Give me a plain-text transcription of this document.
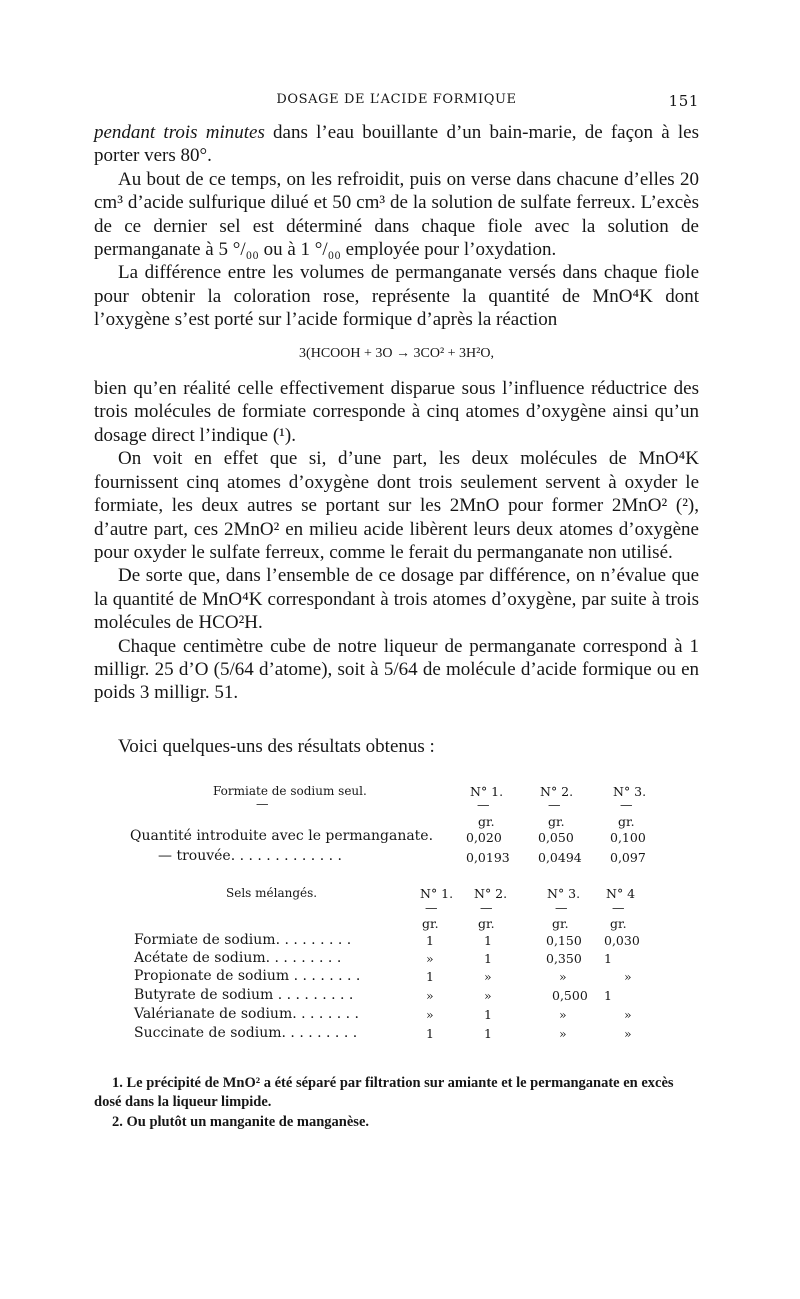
DOSAGE DE L’ACIDE FORMIQUE	151

pendant trois minutes dans l’eau bouillante d’un bain-marie, de façon à les porter vers 80°.

Au bout de ce temps, on les refroidit, puis on verse dans chacune d’elles 20 cm³ d’acide sulfurique dilué et 50 cm³ de la solution de sulfate ferreux. L’excès de ce dernier sel est déterminé dans chaque fiole avec la solution de permanganate à 5 °/₀₀ ou à 1 °/₀₀ employée pour l’oxydation.

La différence entre les volumes de permanganate versés dans chaque fiole pour obtenir la coloration rose, représente la quantité de MnO⁴K dont l’oxygène s’est porté sur l’acide formique d’après la réaction

3(HCOOH + 3O → 3CO² + 3H²O,

bien qu’en réalité celle effectivement disparue sous l’influence réductrice des trois molécules de formiate corresponde à cinq atomes d’oxygène ainsi qu’un dosage direct l’indique (¹).

On voit en effet que si, d’une part, les deux molécules de MnO⁴K fournissent cinq atomes d’oxygène dont trois seulement servent à oxyder le formiate, les deux autres se portant sur les 2MnO pour former 2MnO² (²), d’autre part, ces 2MnO² en milieu acide libèrent leurs deux atomes d’oxygène pour oxyder le sulfate ferreux, comme le ferait du permanganate non utilisé.

De sorte que, dans l’ensemble de ce dosage par différence, on n’évalue que la quantité de MnO⁴K correspondant à trois atomes d’oxygène, par suite à trois molécules de HCO²H.

Chaque centimètre cube de notre liqueur de permanganate correspond à 1 milligr. 25 d’O (5/64 d’atome), soit à 5/64 de molécule d’acide formique ou en poids 3 milligr. 51.

Voici quelques-uns des résultats obtenus :
Formiate de sodium seul.
—
N° 1.	N° 2.	N° 3.
—	—	—
gr.	gr.	gr.
Quantité introduite avec le permanganate.	0,020	0,050	0,100
— trouvée. . . . . . . . . . . . .	0,0193 0,0494 0,097
Sels mélangés.	N° 1. N° 2.	N° 3. N° 4
—	—	—	—
gr.	gr.	gr.	gr.
Formiate de sodium. . . . . . . . .	1	1	0,150 0,030
Acétate de sodium. . . . . . . . .	»	1	0,350 1
Propionate de sodium . . . . . . . .	1	»	»	»
Butyrate de sodium . . . . . . . . .	»	»	0,500 1
Valérianate de sodium. . . . . . . .	»	1	»	»
Succinate de sodium. . . . . . . . .	1	1	»	»

1. Le précipité de MnO² a été séparé par filtration sur amiante et le permanganate en excès dosé dans la liqueur limpide.

2. Ou plutôt un manganite de manganèse.
